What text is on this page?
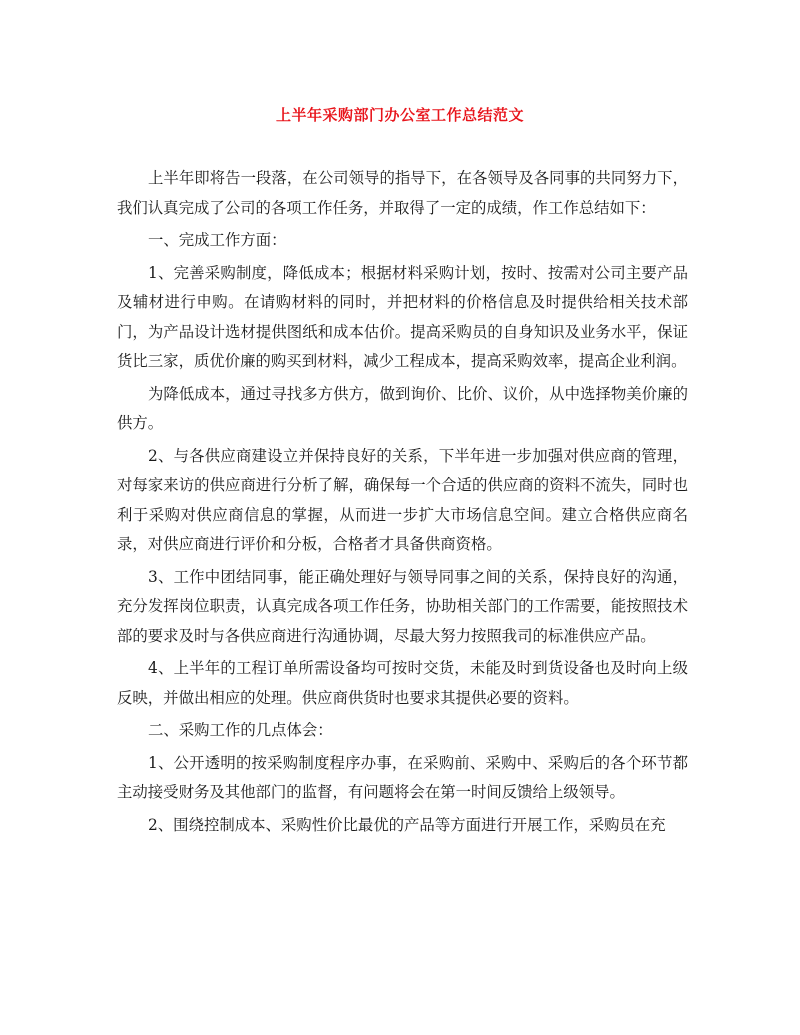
上半年采购部门办公室工作总结范文

上半年即将告一段落，在公司领导的指导下，在各领导及各同事的共同努力下，我们认真完成了公司的各项工作任务，并取得了一定的成绩，作工作总结如下：

一、完成工作方面：

1、完善采购制度，降低成本；根据材料采购计划，按时、按需对公司主要产品及辅材进行申购。在请购材料的同时，并把材料的价格信息及时提供给相关技术部门，为产品设计选材提供图纸和成本估价。提高采购员的自身知识及业务水平，保证货比三家，质优价廉的购买到材料，减少工程成本，提高采购效率，提高企业利润。

为降低成本，通过寻找多方供方，做到询价、比价、议价，从中选择物美价廉的供方。

2、与各供应商建设立并保持良好的关系，下半年进一步加强对供应商的管理，对每家来访的供应商进行分析了解，确保每一个合适的供应商的资料不流失，同时也利于采购对供应商信息的掌握，从而进一步扩大市场信息空间。建立合格供应商名录，对供应商进行评价和分板，合格者才具备供商资格。

3、工作中团结同事，能正确处理好与领导同事之间的关系，保持良好的沟通，充分发挥岗位职责，认真完成各项工作任务，协助相关部门的工作需要，能按照技术部的要求及时与各供应商进行沟通协调，尽最大努力按照我司的标准供应产品。

4、上半年的工程订单所需设备均可按时交货，未能及时到货设备也及时向上级反映，并做出相应的处理。供应商供货时也要求其提供必要的资料。

二、采购工作的几点体会：

1、公开透明的按采购制度程序办事，在采购前、采购中、采购后的各个环节都主动接受财务及其他部门的监督，有问题将会在第一时间反馈给上级领导。

2、围绕控制成本、采购性价比最优的产品等方面进行开展工作，采购员在充
